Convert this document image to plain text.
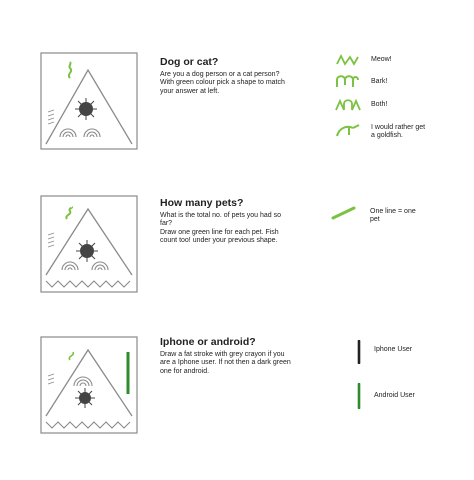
Dog or cat?
Are you a dog person or a cat person?
With green colour pick a shape to match
your answer at left.
Meow!
Bark!
Both!
I would rather get
a goldfish.
How many pets?
What is the total no. of pets you had so
far?
Draw one green line for each pet. Fish
count too! under your previous shape.
One line = one
pet
Iphone or android?
Draw a fat stroke with grey crayon if you
are a Iphone user. If not then a dark green
one for android.
Iphone User
Android User
